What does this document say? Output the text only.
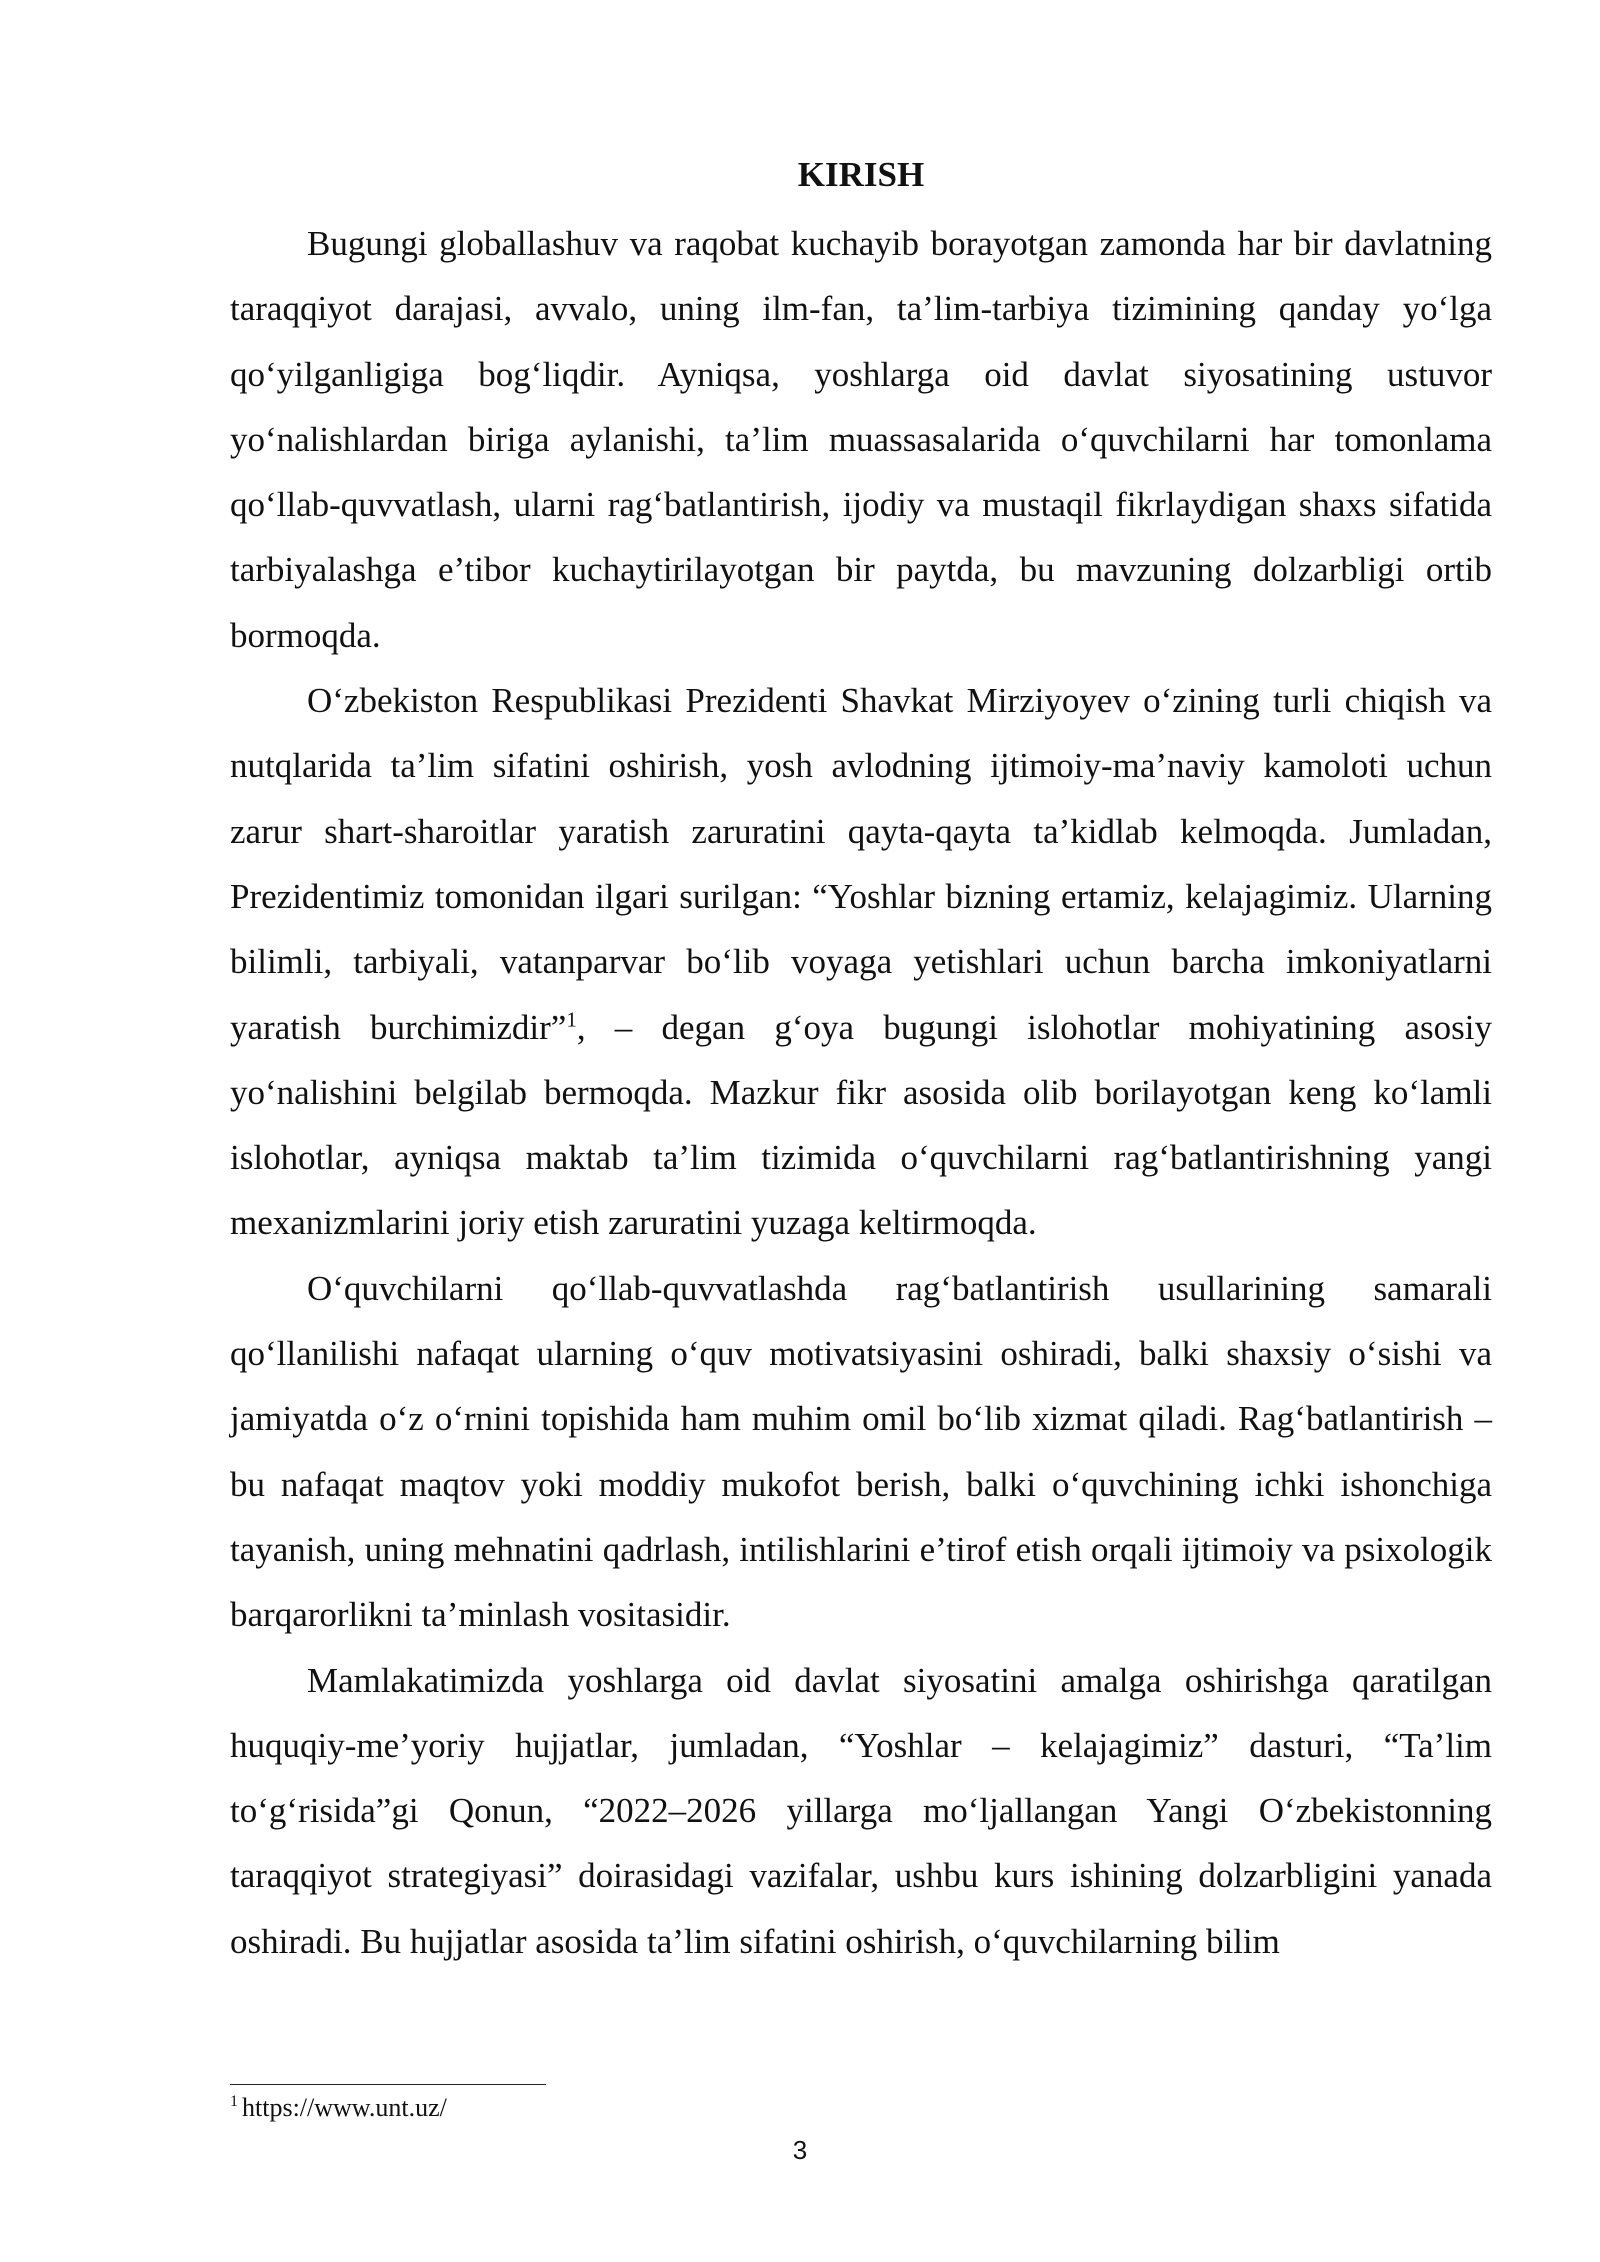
KIRISH

Bugungi globallashuv va raqobat kuchayib borayotgan zamonda har bir davlatning taraqqiyot darajasi, avvalo, uning ilm-fan, ta’lim-tarbiya tizimining qanday yo‘lga qo‘yilganligiga bog‘liqdir. Ayniqsa, yoshlarga oid davlat siyosatining ustuvor yo‘nalishlardan biriga aylanishi, ta’lim muassasalarida o‘quvchilarni har tomonlama qo‘llab-quvvatlash, ularni rag‘batlantirish, ijodiy va mustaqil fikrlaydigan shaxs sifatida tarbiyalashga e’tibor kuchaytirilayotgan bir paytda, bu mavzuning dolzarbligi ortib bormoqda.

O‘zbekiston Respublikasi Prezidenti Shavkat Mirziyoyev o‘zining turli chiqish va nutqlarida ta’lim sifatini oshirish, yosh avlodning ijtimoiy-ma’naviy kamoloti uchun zarur shart-sharoitlar yaratish zaruratini qayta-qayta ta’kidlab kelmoqda. Jumladan, Prezidentimiz tomonidan ilgari surilgan: “Yoshlar bizning ertamiz, kelajagimiz. Ularning bilimli, tarbiyali, vatanparvar bo‘lib voyaga yetishlari uchun barcha imkoniyatlarni yaratish burchimizdir”$^1$, – degan g‘oya bugungi islohotlar mohiyatining asosiy yo‘nalishini belgilab bermoqda. Mazkur fikr asosida olib borilayotgan keng ko‘lamli islohotlar, ayniqsa maktab ta’lim tizimida o‘quvchilarni rag‘batlantirishning yangi mexanizmlarini joriy etish zaruratini yuzaga keltirmoqda.

O‘quvchilarni qo‘llab-quvvatlashda rag‘batlantirish usullarining samarali qo‘llanilishi nafaqat ularning o‘quv motivatsiyasini oshiradi, balki shaxsiy o‘sishi va jamiyatda o‘z o‘rnini topishida ham muhim omil bo‘lib xizmat qiladi. Rag‘batlantirish – bu nafaqat maqtov yoki moddiy mukofot berish, balki o‘quvchining ichki ishonchiga tayanish, uning mehnatini qadrlash, intilishlarini e’tirof etish orqali ijtimoiy va psixologik barqarorlikni ta’minlash vositasidir.

Mamlakatimizda yoshlarga oid davlat siyosatini amalga oshirishga qaratilgan huquqiy-me’yoriy hujjatlar, jumladan, “Yoshlar – kelajagimiz” dasturi, “Ta’lim to‘g‘risida”gi Qonun, “2022–2026 yillarga mo‘ljallangan Yangi O‘zbekistonning taraqqiyot strategiyasi” doirasidagi vazifalar, ushbu kurs ishining dolzarbligini yanada oshiradi. Bu hujjatlar asosida ta’lim sifatini oshirish, o‘quvchilarning bilim

$^1$ https://www.unt.uz/
3
